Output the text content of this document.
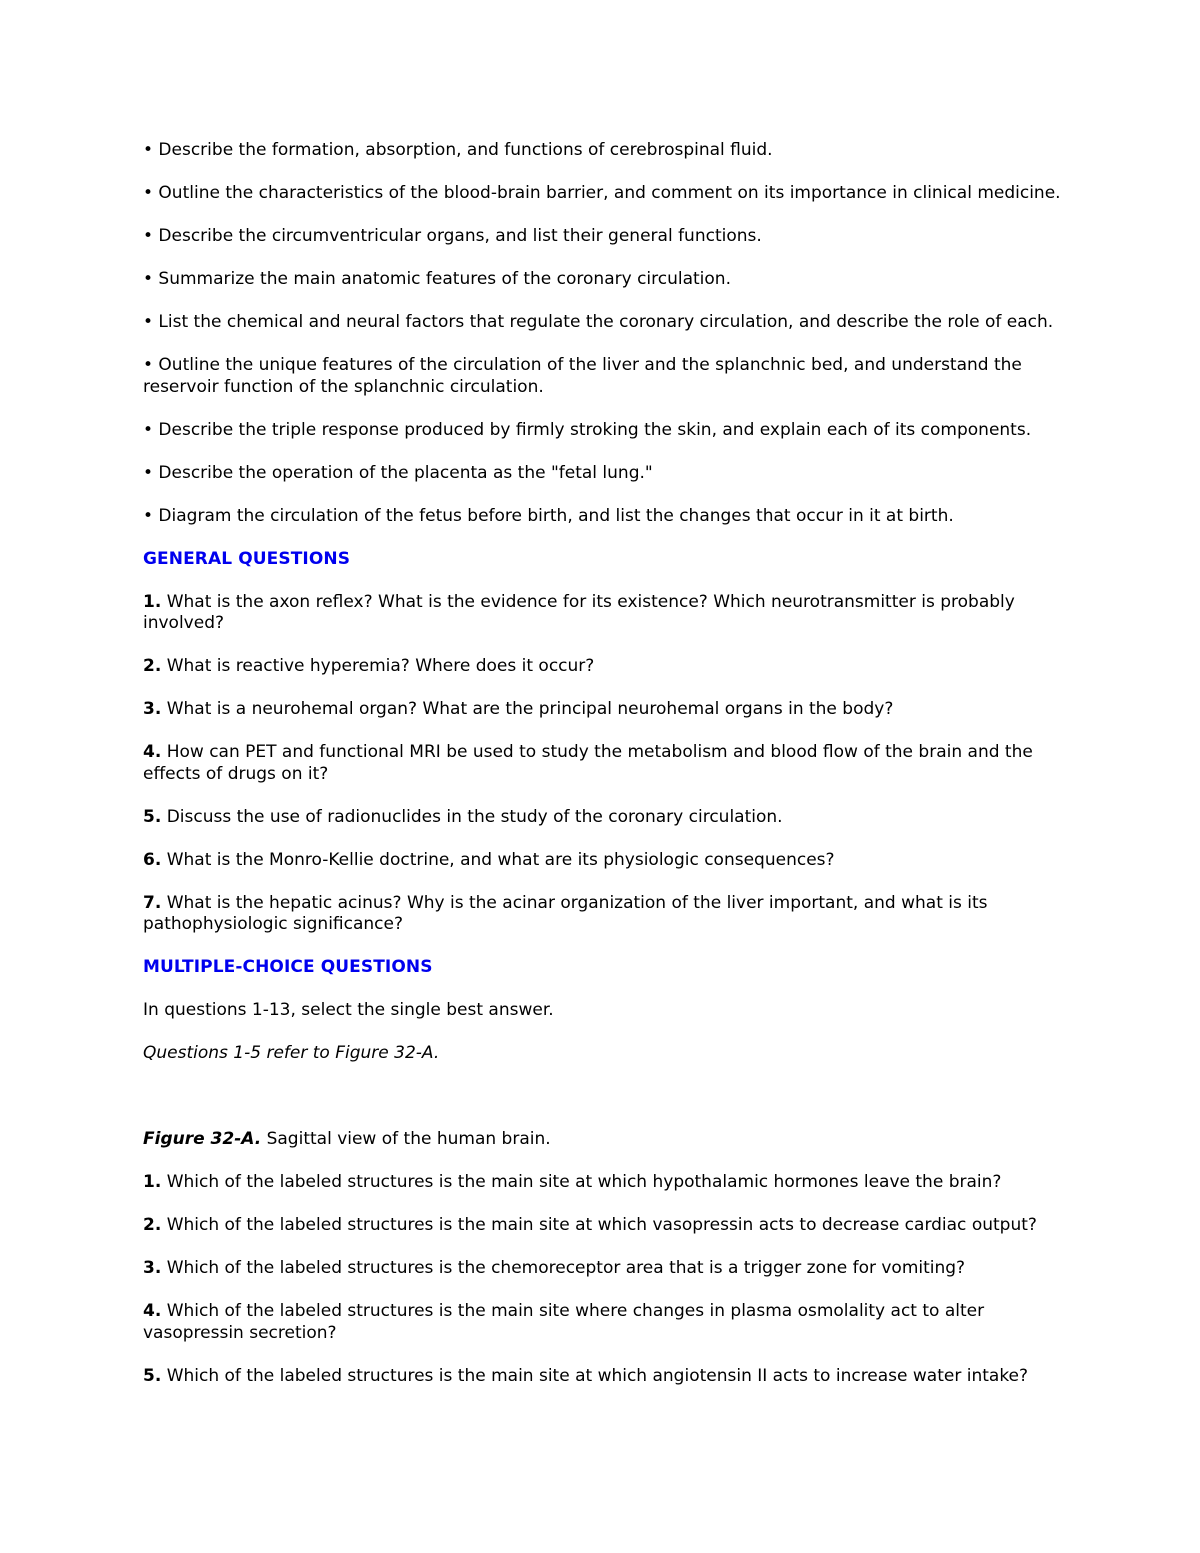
• Describe the formation, absorption, and functions of cerebrospinal fluid.

• Outline the characteristics of the blood-brain barrier, and comment on its importance in clinical medicine.

• Describe the circumventricular organs, and list their general functions.

• Summarize the main anatomic features of the coronary circulation.

• List the chemical and neural factors that regulate the coronary circulation, and describe the role of each.

• Outline the unique features of the circulation of the liver and the splanchnic bed, and understand the reservoir function of the splanchnic circulation.

• Describe the triple response produced by firmly stroking the skin, and explain each of its components.

• Describe the operation of the placenta as the "fetal lung."

• Diagram the circulation of the fetus before birth, and list the changes that occur in it at birth.

GENERAL QUESTIONS

1. What is the axon reflex? What is the evidence for its existence? Which neurotransmitter is probably involved?

2. What is reactive hyperemia? Where does it occur?

3. What is a neurohemal organ? What are the principal neurohemal organs in the body?

4. How can PET and functional MRI be used to study the metabolism and blood flow of the brain and the effects of drugs on it?

5. Discuss the use of radionuclides in the study of the coronary circulation.

6. What is the Monro-Kellie doctrine, and what are its physiologic consequences?

7. What is the hepatic acinus? Why is the acinar organization of the liver important, and what is its pathophysiologic significance?

MULTIPLE-CHOICE QUESTIONS

In questions 1-13, select the single best answer.

Questions 1-5 refer to Figure 32-A.

Figure 32-A. Sagittal view of the human brain.

1. Which of the labeled structures is the main site at which hypothalamic hormones leave the brain?

2. Which of the labeled structures is the main site at which vasopressin acts to decrease cardiac output?

3. Which of the labeled structures is the chemoreceptor area that is a trigger zone for vomiting?

4. Which of the labeled structures is the main site where changes in plasma osmolality act to alter vasopressin secretion?

5. Which of the labeled structures is the main site at which angiotensin II acts to increase water intake?
